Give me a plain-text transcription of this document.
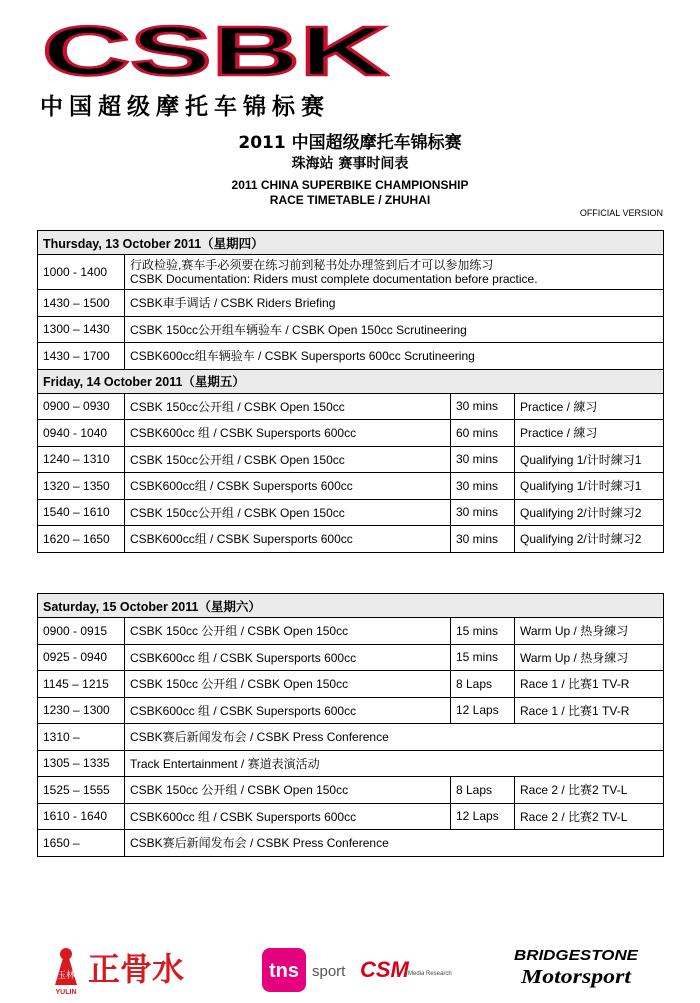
CSBK
中国超级摩托车锦标赛
2011 中国超级摩托车锦标赛
珠海站 赛事时间表
2011 CHINA SUPERBIKE CHAMPIONSHIP
RACE TIMETABLE / ZHUHAI
OFFICIAL VERSION
Thursday, 13 October 2011（星期四）			
1000 - 1400	行政检验,赛车手必须要在练习前到秘书处办理签到后才可以参加练习
CSBK Documentation: Riders must complete documentation before practice.		

1430 – 1500	CSBK車手调话 / CSBK Riders Briefing		
1300 – 1430	CSBK 150cc公开组车辆验车 / CSBK Open 150cc Scrutineering		
1430 – 1700	CSBK600cc组车辆验车 / CSBK Supersports 600cc Scrutineering		
Friday, 14 October 2011（星期五）			
0900 – 0930	CSBK 150cc公开组 / CSBK Open 150cc	30 mins	Practice / 練习
0940 - 1040	CSBK600cc 组 / CSBK Supersports 600cc	60 mins	Practice / 練习
1240 – 1310	CSBK 150cc公开组 / CSBK Open 150cc	30 mins	Qualifying 1/计时練习1
1320 – 1350	CSBK600cc组 / CSBK Supersports 600cc	30 mins	Qualifying 1/计时練习1
1540 – 1610	CSBK 150cc公开组 / CSBK Open 150cc	30 mins	Qualifying 2/计时練习2
1620 – 1650	CSBK600cc组 / CSBK Supersports 600cc	30 mins	Qualifying 2/计时練习2
Saturday, 15 October 2011（星期六）			
0900 - 0915	CSBK 150cc 公开组 / CSBK Open 150cc	15 mins	Warm Up / 热身練习
0925 - 0940	CSBK600cc 组 / CSBK Supersports 600cc	15 mins	Warm Up / 热身練习
1145 – 1215	CSBK 150cc 公开组 / CSBK Open 150cc	8 Laps	Race 1 / 比赛1 TV-R
1230 – 1300	CSBK600cc 组 / CSBK Supersports 600cc	12 Laps	Race 1 / 比赛1 TV-R
1310 –	CSBK赛后新闻发布会 / CSBK Press Conference		
1305 – 1335	Track Entertainment / 赛道表演活动		
1525 – 1555	CSBK 150cc 公开组 / CSBK Open 150cc	8 Laps	Race 2 / 比赛2 TV-L
1610 - 1640	CSBK600cc 组 / CSBK Supersports 600cc	12 Laps	Race 2 / 比赛2 TV-L
1650 –	CSBK赛后新闻发布会 / CSBK Press Conference		
玉林
YULIN
正骨水	tns sport CSM Media Research
BRIDGESTONE
Motorsport
